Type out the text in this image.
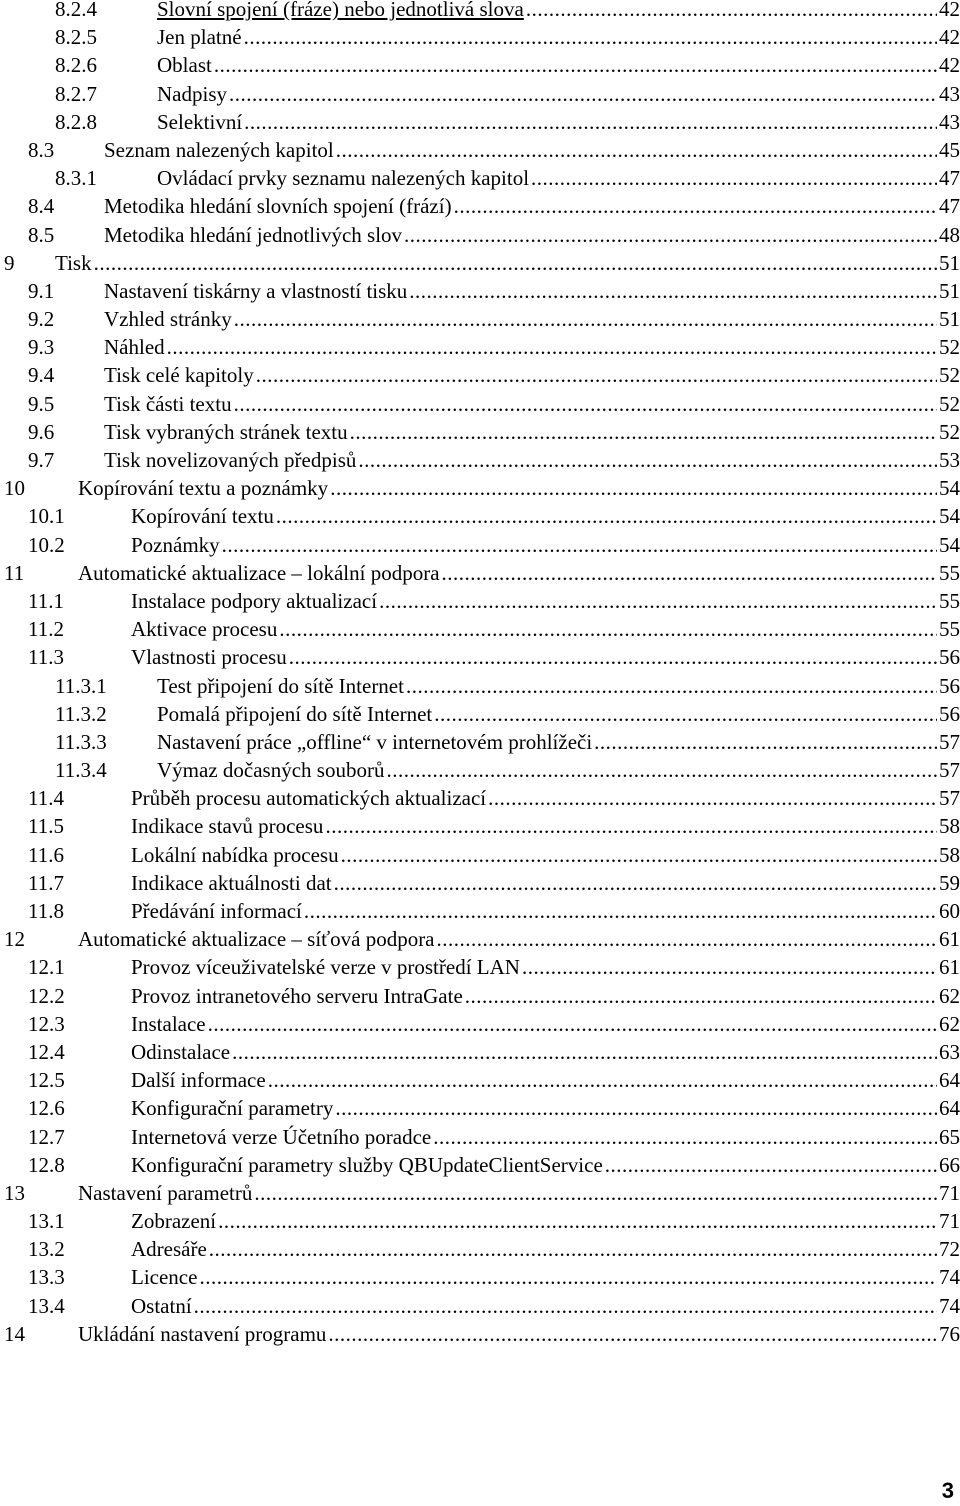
8.2.4	Slovní spojení (fráze) nebo jednotlivá slova .....	42
8.2.5	Jen platné .....	42
8.2.6	Oblast .....	42
8.2.7	Nadpisy .....	43
8.2.8	Selektivní .....	43
8.3 Seznam nalezených kapitol .....	45
8.3.1	Ovládací prvky seznamu nalezených kapitol .....	47
8.4 Metodika hledání slovních spojení (frází) .....	47
8.5 Metodika hledání jednotlivých slov .....	48
9 Tisk .....	51
9.1 Nastavení tiskárny a vlastností tisku .....	51
9.2 Vzhled stránky .....	51
9.3 Náhled .....	52
9.4 Tisk celé kapitoly .....	52
9.5 Tisk části textu .....	52
9.6 Tisk vybraných stránek textu .....	52
9.7 Tisk novelizovaných předpisů .....	53
10	Kopírování textu a poznámky .....	54
10.1	Kopírování textu .....	54
10.2	Poznámky .....	54
11	Automatické aktualizace – lokální podpora .....	55
11.1	Instalace podpory aktualizací .....	55
11.2	Aktivace procesu .....	55
11.3	Vlastnosti procesu .....	56
11.3.1 Test připojení do sítě Internet .....	56
11.3.2 Pomalá připojení do sítě Internet .....	56
11.3.3 Nastavení práce „offline“ v internetovém prohlížeči .....	57
11.3.4 Výmaz dočasných souborů .....	57
11.4	Průběh procesu automatických aktualizací .....	57
11.5	Indikace stavů procesu .....	58
11.6	Lokální nabídka procesu .....	58
11.7	Indikace aktuálnosti dat .....	59
11.8	Předávání informací .....	60
12	Automatické aktualizace – síťová podpora .....	61
12.1	Provoz víceuživatelské verze v prostředí LAN .....	61
12.2	Provoz intranetového serveru IntraGate .....	62
12.3	Instalace .....	62
12.4	Odinstalace .....	63
12.5	Další informace .....	64
12.6	Konfigurační parametry .....	64
12.7	Internetová verze Účetního poradce .....	65
12.8	Konfigurační parametry služby QBUpdateClientService .....	66
13	Nastavení parametrů .....	71
13.1	Zobrazení .....	71
13.2	Adresáře .....	72
13.3	Licence .....	74
13.4	Ostatní .....	74
14	Ukládání nastavení programu .....	76
3
